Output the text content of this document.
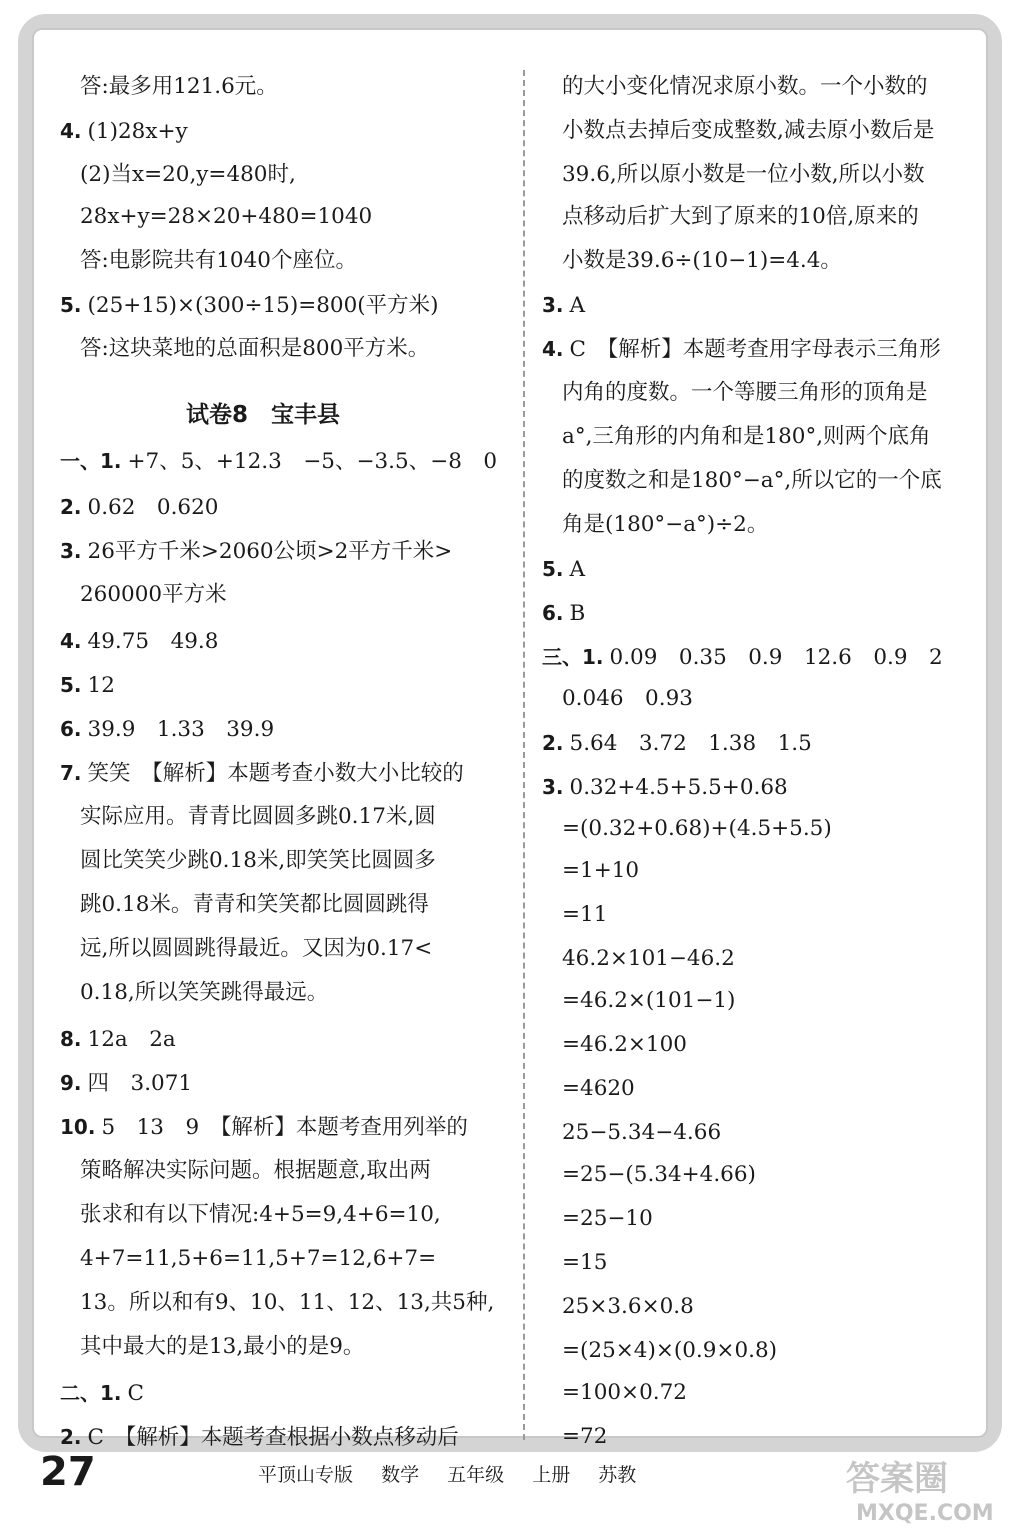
答:最多用121.6元。
4. (1)28x+y
(2)当x=20,y=480时,
28x+y=28×20+480=1040
答:电影院共有1040个座位。
5. (25+15)×(300÷15)=800(平方米)
答:这块菜地的总面积是800平方米。
试卷8　宝丰县
一、1. +7、5、+12.3　−5、−3.5、−8　0
2. 0.62　0.620
3. 26平方千米>2060公顷>2平方千米>
260000平方米
4. 49.75　49.8
5. 12
6. 39.9　1.33　39.9
7. 笑笑　【解析】本题考查小数大小比较的
实际应用。青青比圆圆多跳0.17米,圆
圆比笑笑少跳0.18米,即笑笑比圆圆多
跳0.18米。青青和笑笑都比圆圆跳得
远,所以圆圆跳得最近。又因为0.17<
0.18,所以笑笑跳得最远。
8. 12a　2a
9. 四　3.071
10. 5　13　9　【解析】本题考查用列举的
策略解决实际问题。根据题意,取出两
张求和有以下情况:4+5=9,4+6=10,
4+7=11,5+6=11,5+7=12,6+7=
13。所以和有9、10、11、12、13,共5种,
其中最大的是13,最小的是9。
二、1. C
2. C　【解析】本题考查根据小数点移动后
的大小变化情况求原小数。一个小数的
小数点去掉后变成整数,减去原小数后是
39.6,所以原小数是一位小数,所以小数
点移动后扩大到了原来的10倍,原来的
小数是39.6÷(10−1)=4.4。
3. A
4. C　【解析】本题考查用字母表示三角形
内角的度数。一个等腰三角形的顶角是
a°,三角形的内角和是180°,则两个底角
的度数之和是180°−a°,所以它的一个底
角是(180°−a°)÷2。
5. A
6. B
三、1. 0.09　0.35　0.9　12.6　0.9　2
0.046　0.93
2. 5.64　3.72　1.38　1.5
3. 0.32+4.5+5.5+0.68
=(0.32+0.68)+(4.5+5.5)
=1+10
=11
46.2×101−46.2
=46.2×(101−1)
=46.2×100
=4620
25−5.34−4.66
=25−(5.34+4.66)
=25−10
=15
25×3.6×0.8
=(25×4)×(0.9×0.8)
=100×0.72
=72
27	平顶山专版 数学 五年级 上册 苏教	答案圈
MXQE.COM
